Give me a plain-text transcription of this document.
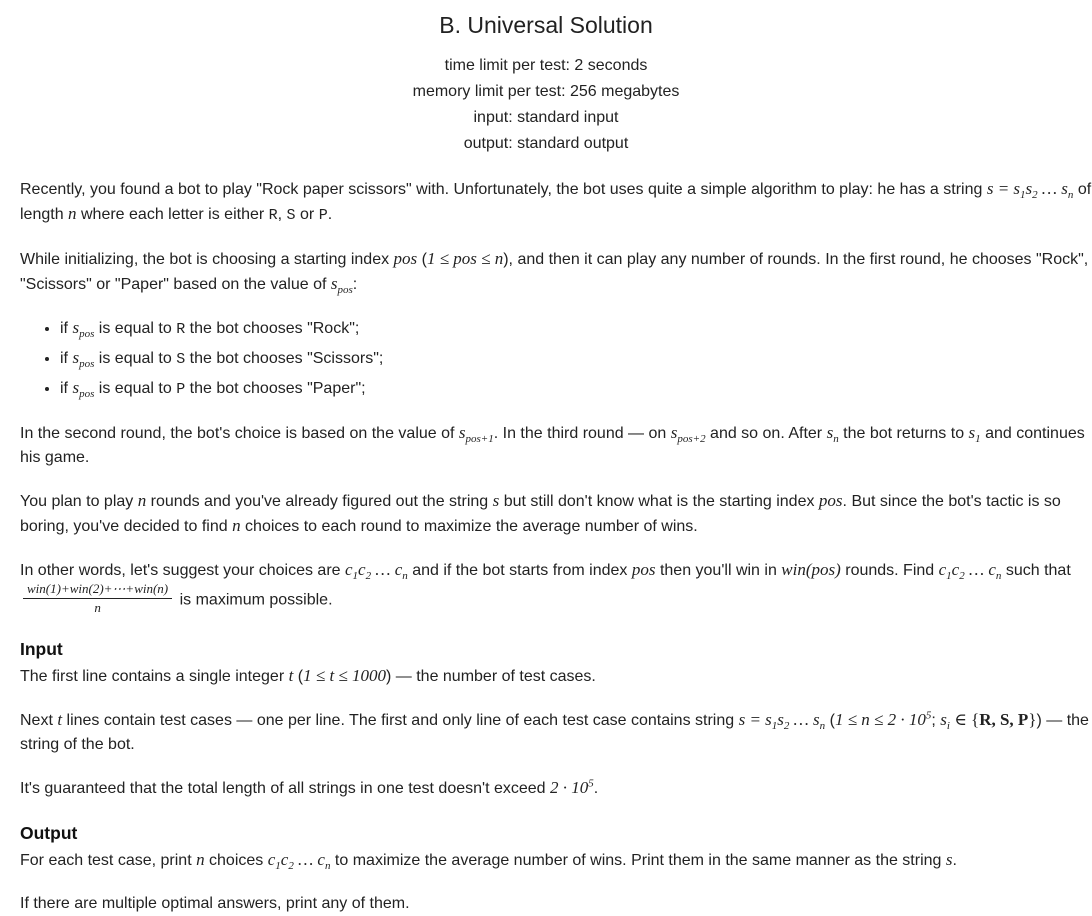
B. Universal Solution
time limit per test: 2 seconds
memory limit per test: 256 megabytes
input: standard input
output: standard output

Recently, you found a bot to play "Rock paper scissors" with. Unfortunately, the bot uses quite a simple algorithm to play: he has a string $s = s_1s_2$ … $s_n$ of length n where each letter is either R, S or P.

While initializing, the bot is choosing a starting index pos (1 ≤ pos ≤ n), and then it can play any number of rounds. In the first round, he chooses "Rock", "Scissors" or "Paper" based on the value of $s_{pos}$:

• if $s_{pos}$ is equal to R the bot chooses "Rock";
• if $s_{pos}$ is equal to S the bot chooses "Scissors";
• if $s_{pos}$ is equal to P the bot chooses "Paper";

In the second round, the bot's choice is based on the value of $s_{pos+1}$. In the third round — on $s_{pos+2}$ and so on. After $s_n$ the bot returns to $s_1$ and continues his game.

You plan to play n rounds and you've already figured out the string s but still don't know what is the starting index pos. But since the bot's tactic is so boring, you've decided to find n choices to each round to maximize the average number of wins.

In other words, let's suggest your choices are $c_1c_2$ … $c_n$ and if the bot starts from index pos then you'll win in win(pos) rounds. Find $c_1c_2$ … $c_n$ such that
$\frac{\text{win(1)+win(2)+⋯+win(n)}}{n}$ is maximum possible.

Input

The first line contains a single integer t (1 ≤ t ≤ 1000) — the number of test cases.

Next t lines contain test cases — one per line. The first and only line of each test case contains string $s = s_1s_2$ … $s_n$ ($1 \le n \le 2 \cdot 10^5$; $s_i$ ∈ {R, S, P}) — the string of the bot.

It's guaranteed that the total length of all strings in one test doesn't exceed $2 \cdot 10^5$.

Output

For each test case, print n choices $c_1c_2$ … $c_n$ to maximize the average number of wins. Print them in the same manner as the string s.

If there are multiple optimal answers, print any of them.
